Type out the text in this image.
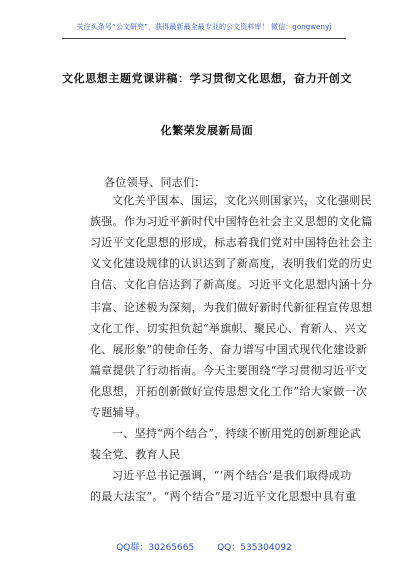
关注头条号“公文研究”，获得最新最全最专业的公文资料库！ 微信：gongwenyj
文化思想主题党课讲稿：学习贯彻文化思想，奋力开创文
化繁荣发展新局面
各位领导、同志们：
文化关乎国本、国运，文化兴则国家兴，文化强则民
族强。作为习近平新时代中国特色社会主义思想的文化篇
习近平文化思想的形成，标志着我们党对中国特色社会主
义文化建设规律的认识达到了新高度，表明我们党的历史
自信、文化自信达到了新高度。习近平文化思想内涵十分
丰富、论述极为深刻，为我们做好新时代新征程宣传思想
文化工作、切实担负起“举旗帜、聚民心、育新人、兴文
化、展形象”的使命任务、奋力谱写中国式现代化建设新
篇章提供了行动指南。今天主要围绕“学习贯彻习近平文
化思想，开拓创新做好宣传思想文化工作”给大家做一次
专题辅导。
一、坚持“两个结合”，持续不断用党的创新理论武
装全党、教育人民
习近平总书记强调，“‘两个结合’是我们取得成功
的最大法宝”。“两个结合”是习近平文化思想中具有重
QQ群：30265665	QQ：535304092
